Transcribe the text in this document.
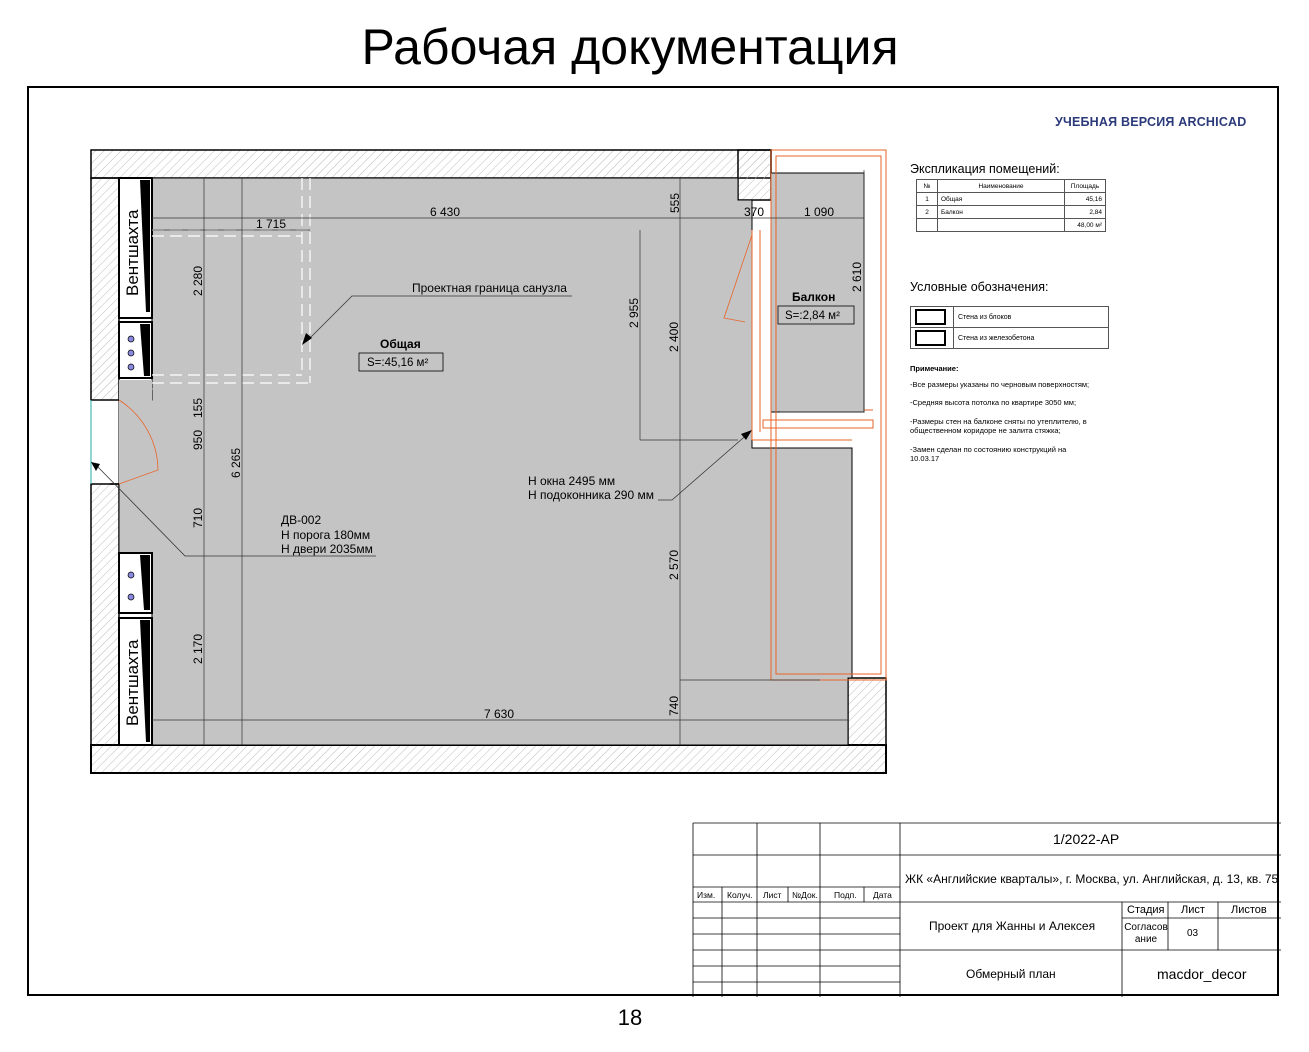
Рабочая документация
Вентшахта
Вентшахта
Общая
S=:45,16 м²
Балкон
S=:2,84 м²
Проектная граница санузла
Н окна 2495 мм
Н подоконника 290 мм
ДВ-002
Н порога 180мм
Н двери 2035мм
6 430
1 715
370	1 090
7 630
555
2 280
2 955
2 400
2 610
155
950
6 265
710
2 570
2 170
740
УЧЕБНАЯ ВЕРСИЯ ARCHICAD
Экспликация помещений:
№	Наименование	Площадь
1	Общая	45,16
2	Балкон	2,84
		48,00 м²
Условные обозначения:
	Стена из блоков
	Стена из железобетона

Примечание:

-Все размеры указаны по черновым поверхностям;

-Средняя высота потолка по квартире 3050 мм;

-Размеры стен на балконе сняты по утеплителю, в общественном коридоре не залита стяжка;

-Замен сделан по состоянию конструкций на 10.03.17

1/2022-АР
ЖК «Английские кварталы», г. Москва, ул. Английская, д. 13, кв. 75
Изм. Колуч. Лист №Док. Подп. Дата
Проект для Жанны и Алексея
Стадия Лист Листов
Согласов ание
03
Обмерный план	macdor_decor
18
